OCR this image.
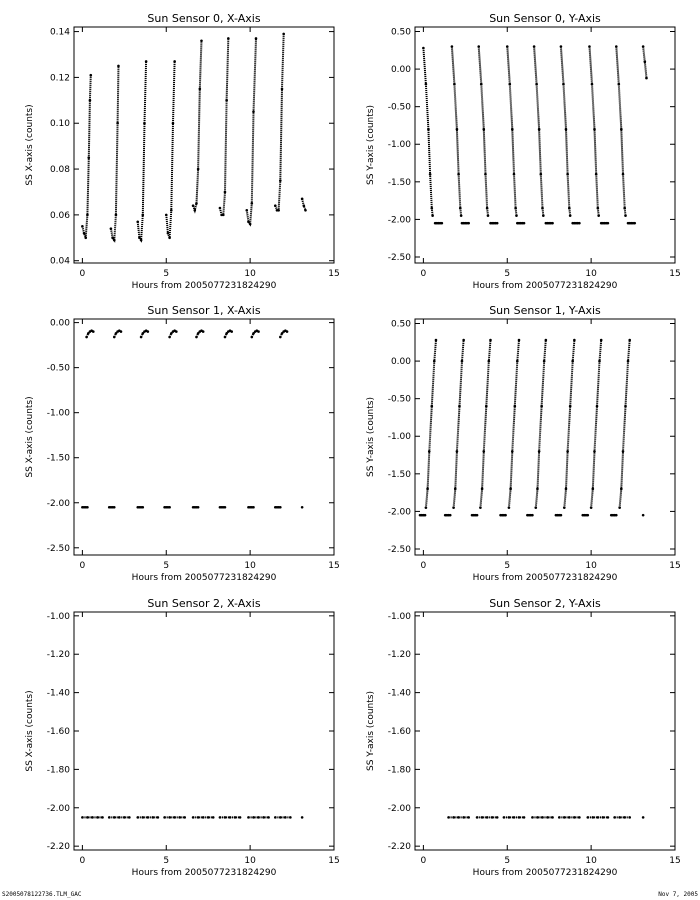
Sun Sensor 0, X-Axis
0	5	10	15
0.04
0.06
0.08
0.10
0.12
0.14
Hours from 20050772318242​90
SS X-axis (counts)
Sun Sensor 0, Y-Axis
0	5	10	15
0.50
0.00
-0.50
-1.00
-1.50
-2.00
-2.50
Hours from 20050772318242​90
SS Y-axis (counts)
Sun Sensor 1, X-Axis
0	5	10	15
0.00
-0.50
-1.00
-1.50
-2.00
-2.50
Hours from 20050772318242​90
SS X-axis (counts)
Sun Sensor 1, Y-Axis
0	5	10	15
0.50
0.00
-0.50
-1.00
-1.50
-2.00
-2.50
Hours from 20050772318242​90
SS Y-axis (counts)
Sun Sensor 2, X-Axis
0	5	10	15
-1.00
-1.20
-1.40
-1.60
-1.80
-2.00
-2.20
Hours from 20050772318242​90
SS X-axis (counts)
Sun Sensor 2, Y-Axis
0	5	10	15
-1.00
-1.20
-1.40
-1.60
-1.80
-2.00
-2.20
Hours from 20050772318242​90
SS Y-axis (counts)
S2005078122736.TLM_GAC	Nov 7, 2005
